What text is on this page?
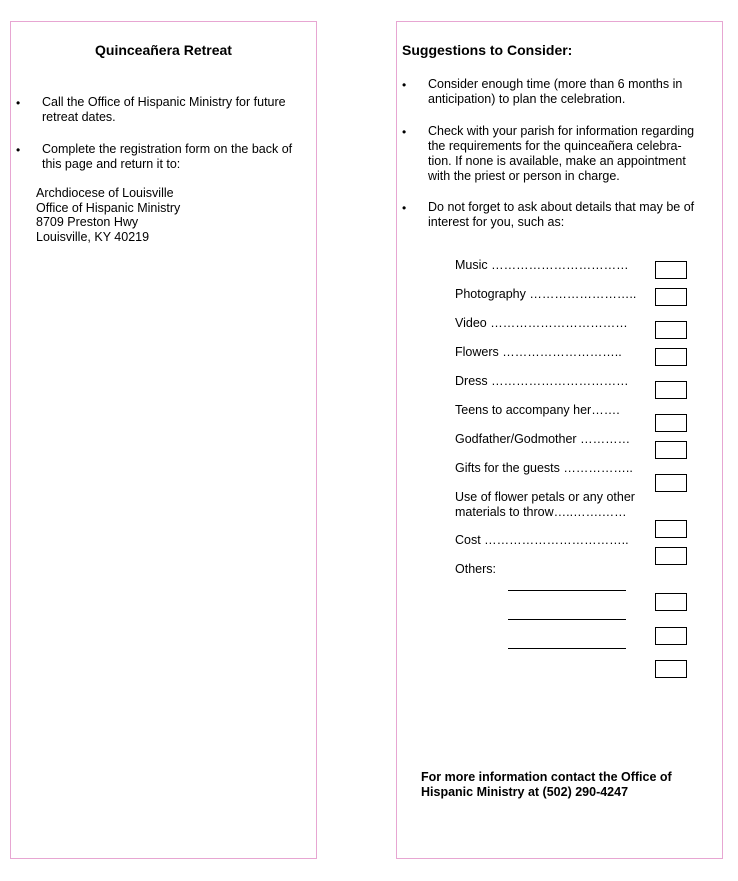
Quinceañera Retreat
• Call the Office of Hispanic Ministry for future
retreat dates.
• Complete the registration form on the back of
this page and return it to:
Archdiocese of Louisville
Office of Hispanic Ministry
8709 Preston Hwy
Louisville, KY 40219
Suggestions to Consider:
• Consider enough time (more than 6 months in
anticipation) to plan the celebration.
• Check with your parish for information regarding
the requirements for the quinceañera celebra-
tion. If none is available, make an appointment
with the priest or person in charge.
• Do not forget to ask about details that may be of
interest for you, such as:
Music ……………………………
Photography ……………………..
Video ……………………………
Flowers ………………………..
Dress ……………………………
Teens to accompany her…….
Godfather/Godmother …………
Gifts for the guests ……………..
Use of flower petals or any other
materials to throw…..…….……
Cost ……………………………..
Others:
For more information contact the Office of
Hispanic Ministry at (502) 290-4247
